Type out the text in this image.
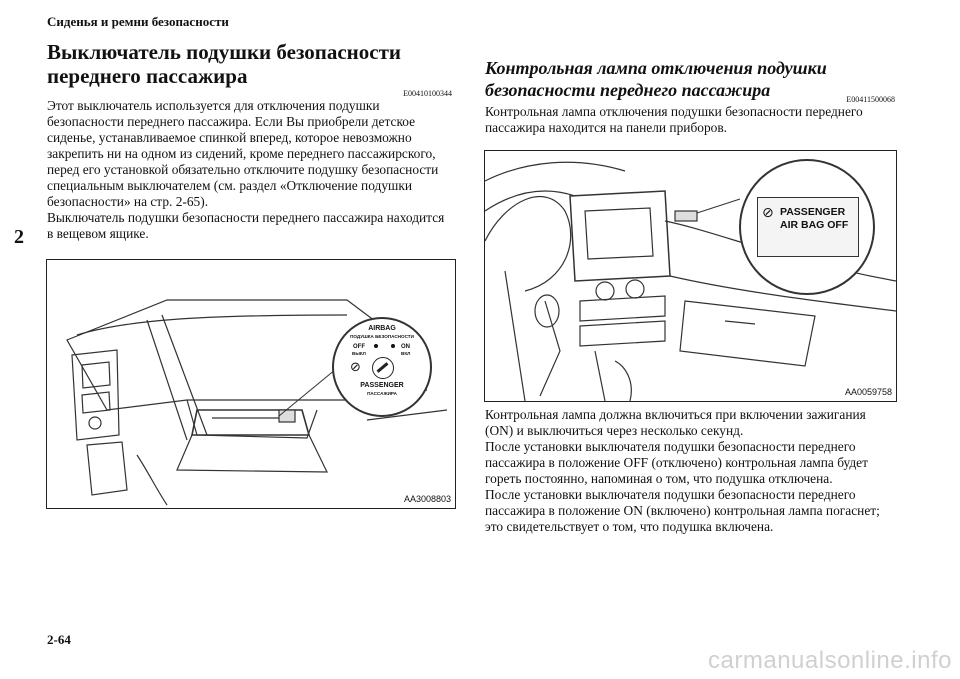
Сиденья и ремни безопасности
2
2-64
carmanualsonline.info
Выключатель подушки безопасности переднего пассажира
E00410100344

Этот выключатель используется для отключения подушки безопасности переднего пассажира. Если Вы приобрели детское сиденье, устанавливаемое спинкой вперед, которое невозможно закрепить ни на одном из сидений, кроме переднего пассажирского, перед его установкой обязательно отключите подушку безопасности специальным выключателем (см. раздел «Отключение подушки безопасности» на стр. 2-65).

Выключатель подушки безопасности переднего пассажира находится в вещевом ящике.

AIRBAG
ПОДУШКА БЕЗОПАСНОСТИ
OFF
ВЫКЛ
ON
ВКЛ
⊘
PASSENGER
ПАССАЖИРА
AA3008803
Контрольная лампа отключения подушки безопасности переднего пассажира	E00411500068

Контрольная лампа отключения подушки безопасности переднего пассажира находится на панели приборов.

⊘ PASSENGER
AIR BAG OFF
AA0059758

Контрольная лампа должна включиться при включении зажигания (ON) и выключиться через несколько секунд.

После установки выключателя подушки безопасности переднего пассажира в положение OFF (отключено) контрольная лампа будет гореть постоянно, напоминая о том, что подушка отключена.

После установки выключателя подушки безопасности переднего пассажира в положение ON (включено) контрольная лампа погаснет; это свидетельствует о том, что подушка включена.
